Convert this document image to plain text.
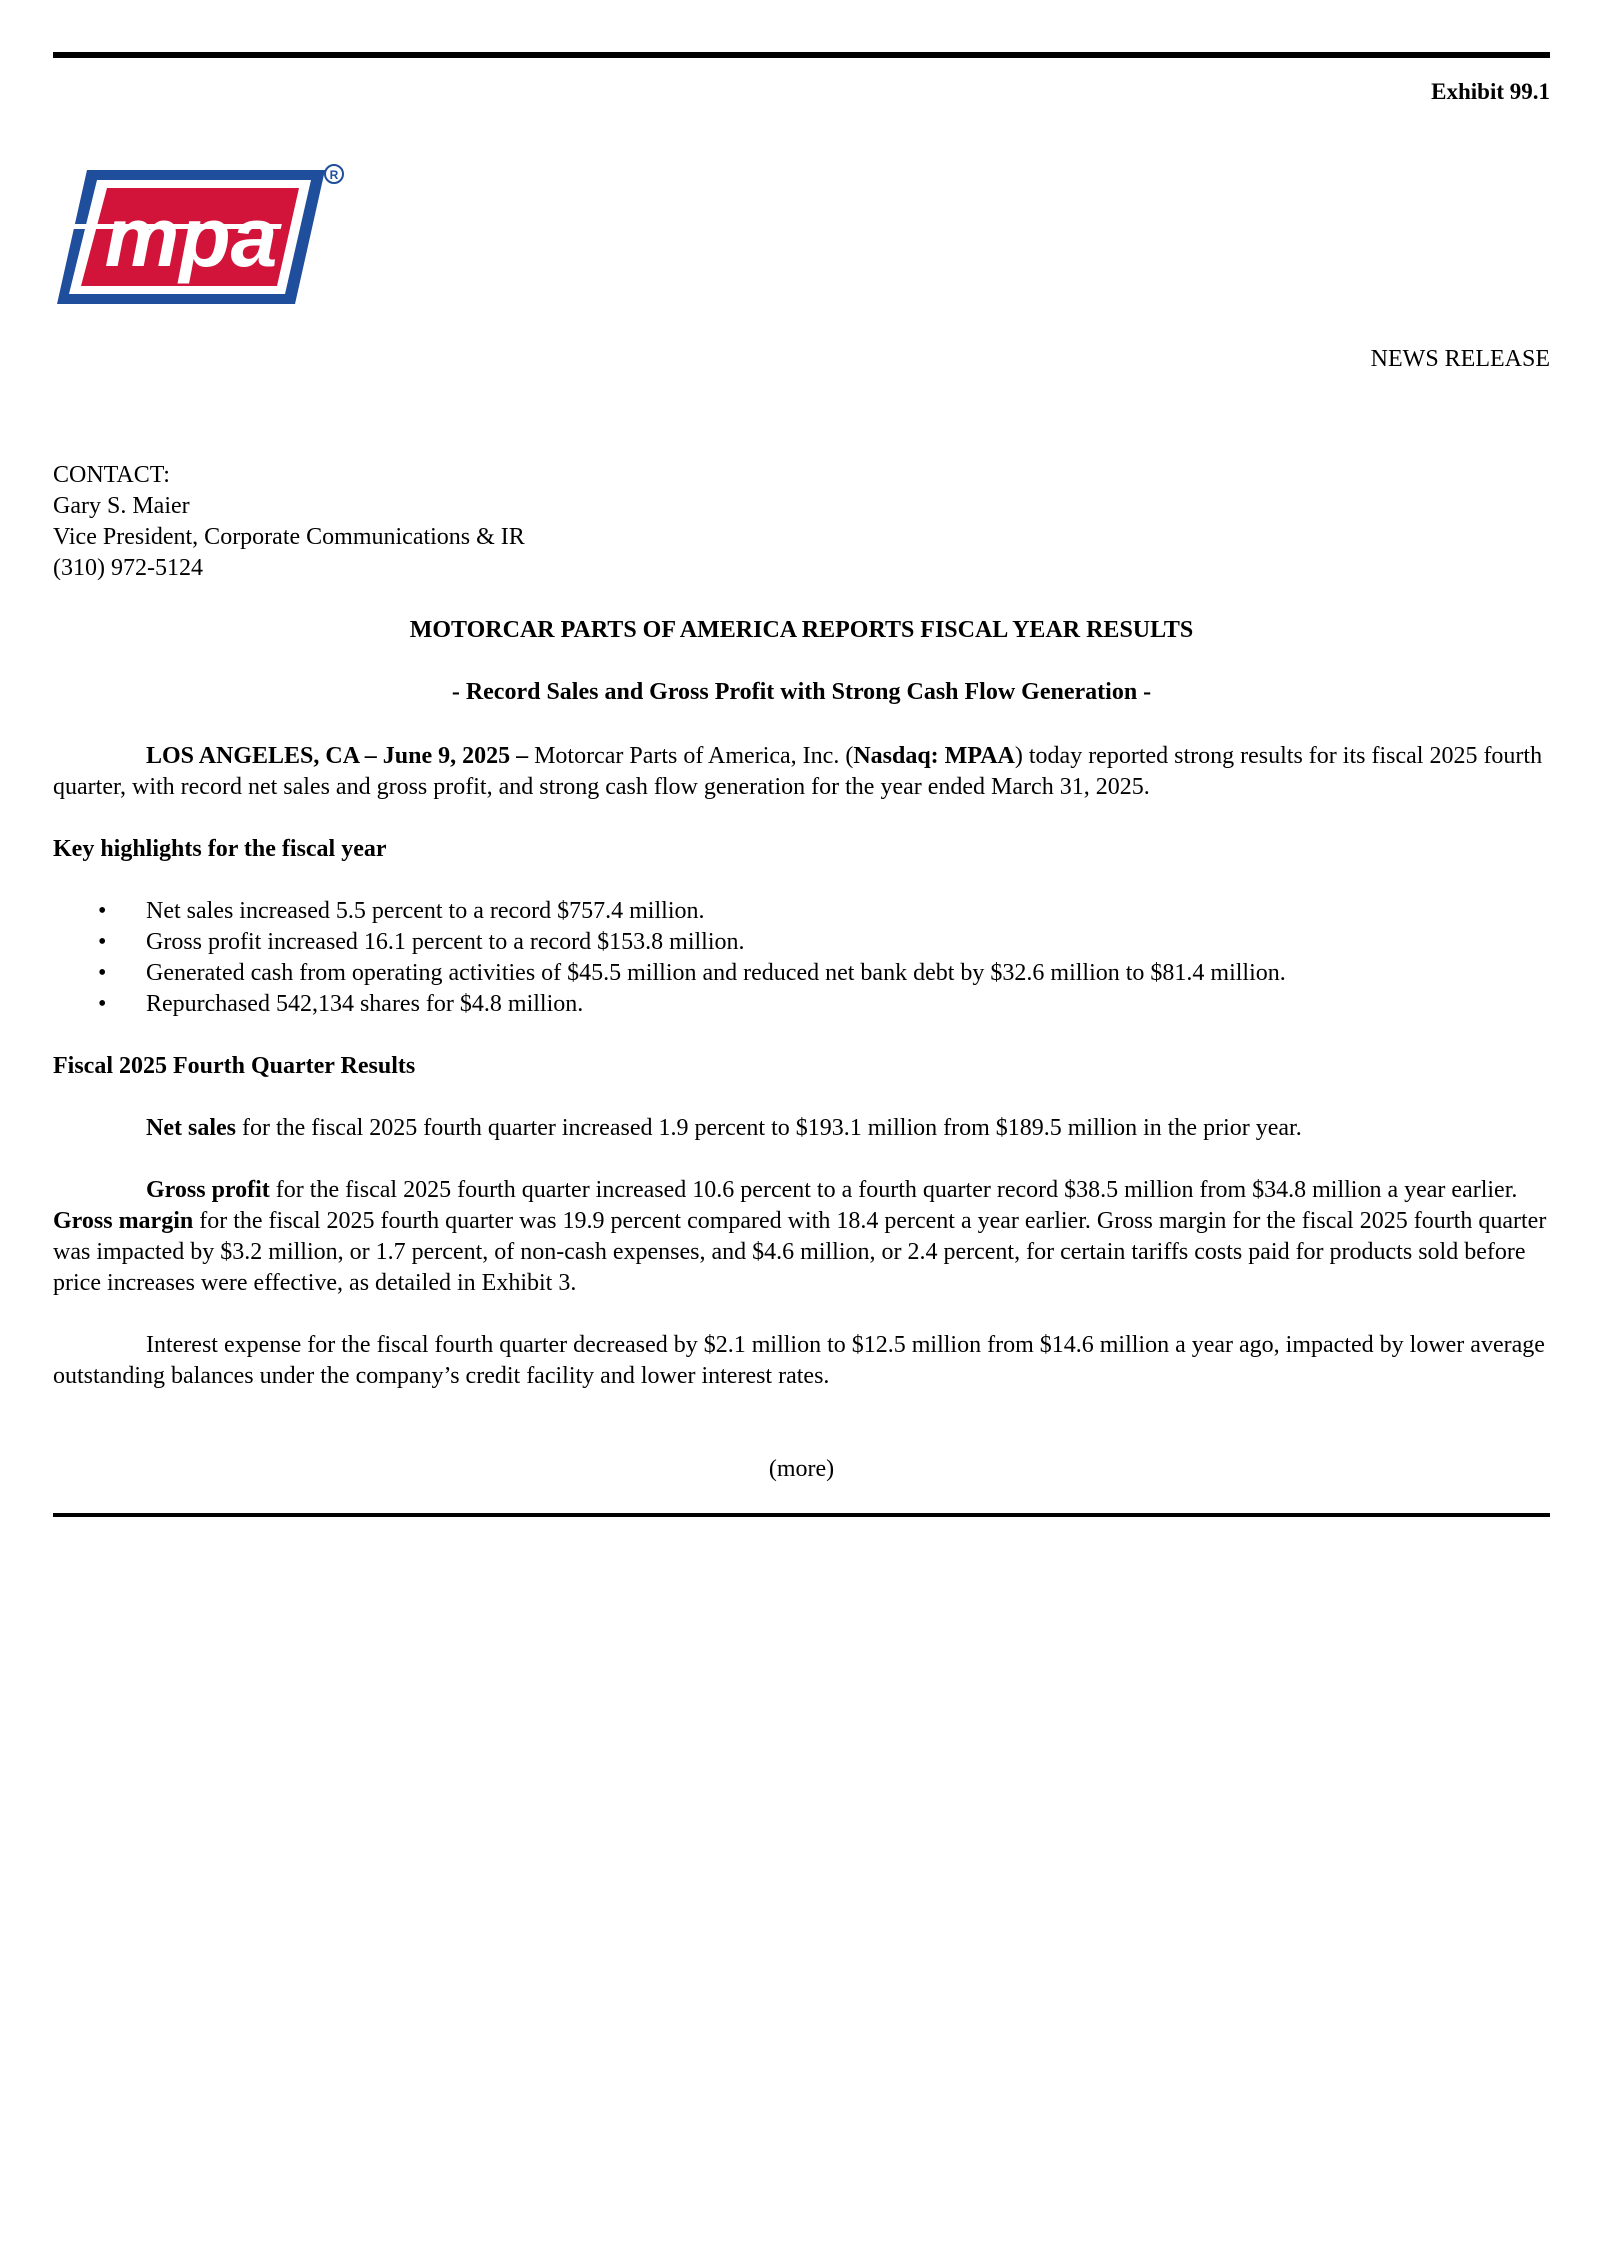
Exhibit 99.1
mpa
R
NEWS RELEASE
CONTACT:
Gary S. Maier
Vice President, Corporate Communications & IR
(310) 972-5124
MOTORCAR PARTS OF AMERICA REPORTS FISCAL YEAR RESULTS
- Record Sales and Gross Profit with Strong Cash Flow Generation -

LOS ANGELES, CA – June 9, 2025 – Motorcar Parts of America, Inc. (Nasdaq: MPAA) today reported strong results for its fiscal 2025 fourth quarter, with record net sales and gross profit, and strong cash flow generation for the year ended March 31, 2025.

Key highlights for the fiscal year
• Net sales increased 5.5 percent to a record $757.4 million.
• Gross profit increased 16.1 percent to a record $153.8 million.
• Generated cash from operating activities of $45.5 million and reduced net bank debt by $32.6 million to $81.4 million.
• Repurchased 542,134 shares for $4.8 million.
Fiscal 2025 Fourth Quarter Results

Net sales for the fiscal 2025 fourth quarter increased 1.9 percent to $193.1 million from $189.5 million in the prior year.

Gross profit for the fiscal 2025 fourth quarter increased 10.6 percent to a fourth quarter record $38.5 million from $34.8 million a year earlier. Gross margin for the fiscal 2025 fourth quarter was 19.9 percent compared with 18.4 percent a year earlier. Gross margin for the fiscal 2025 fourth quarter was impacted by $3.2 million, or 1.7 percent, of non-cash expenses, and $4.6 million, or 2.4 percent, for certain tariffs costs paid for products sold before price increases were effective, as detailed in Exhibit 3.

Interest expense for the fiscal fourth quarter decreased by $2.1 million to $12.5 million from $14.6 million a year ago, impacted by lower average outstanding balances under the company’s credit facility and lower interest rates.

(more)
